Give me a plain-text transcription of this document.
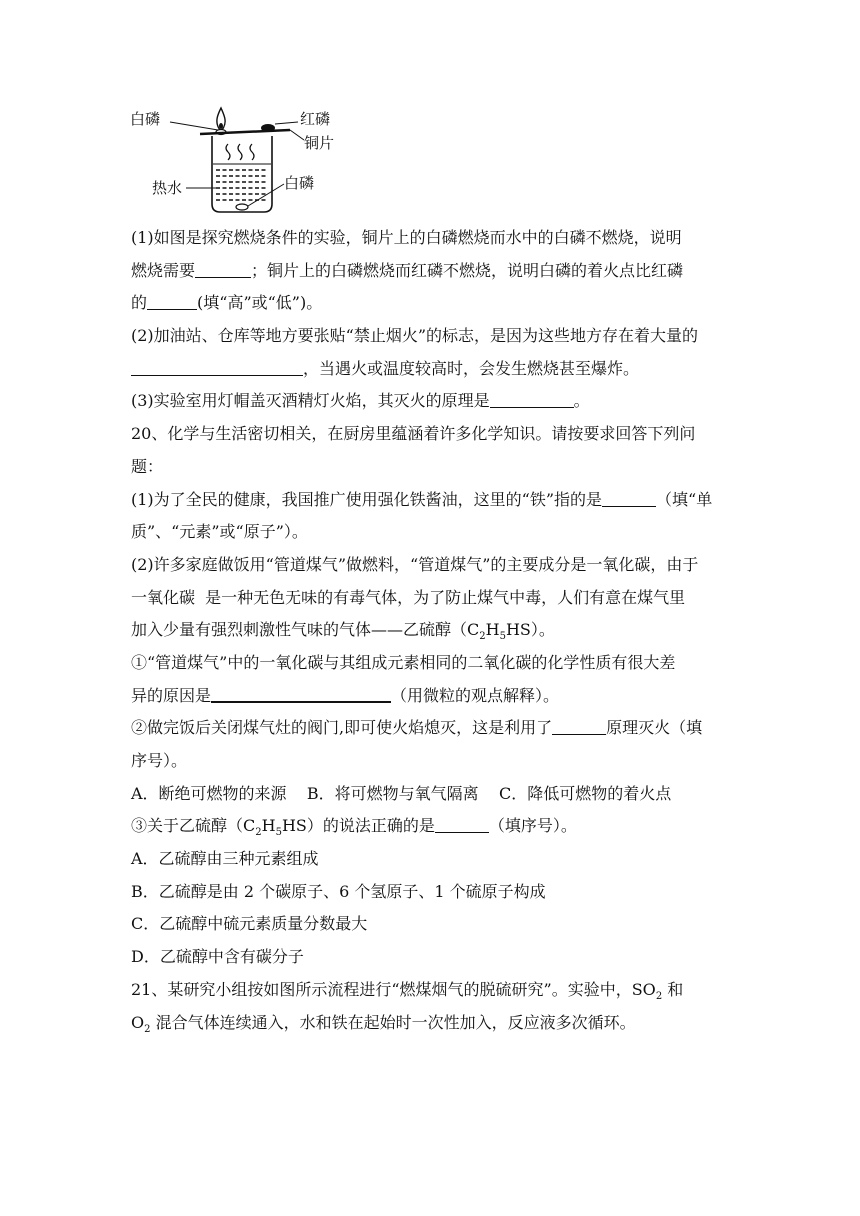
白磷	红磷
铜片
热水	白磷
(1)如图是探究燃烧条件的实验，铜片上的白磷燃烧而水中的白磷不燃烧，说明
燃烧需要	；铜片上的白磷燃烧而红磷不燃烧，说明白磷的着火点比红磷
的	(填“高”或“低”)。
(2)加油站、仓库等地方要张贴“禁止烟火”的标志，是因为这些地方存在着大量的
，当遇火或温度较高时，会发生燃烧甚至爆炸。
(3)实验室用灯帽盖灭酒精灯火焰，其灭火的原理是	。
20、化学与生活密切相关，在厨房里蕴涵着许多化学知识。请按要求回答下列问
题：
(1)为了全民的健康，我国推广使用强化铁酱油，这里的“铁”指的是	（填“单
质”、“元素”或“原子”）。
(2)许多家庭做饭用“管道煤气”做燃料，“管道煤气”的主要成分是一氧化碳，由于
一氧化碳  是一种无色无味的有毒气体，为了防止煤气中毒，人们有意在煤气里
加入少量有强烈刺激性气味的气体——乙硫醇$(C_2H_5HS)$。
①“管道煤气”中的一氧化碳与其组成元素相同的二氧化碳的化学性质有很大差
异的原因是	（用微粒的观点解释）。
②做完饭后关闭煤气灶的阀门,即可使火焰熄灭，这是利用了	原理灭火（填
序号）。
A．断绝可燃物的来源    B．将可燃物与氧气隔离    C．降低可燃物的着火点
③关于乙硫醇$(C_2H_5HS)$的说法正确的是	（填序号）。
A．乙硫醇由三种元素组成
B．乙硫醇是由 2 个碳原子、6 个氢原子、1 个硫原子构成
C．乙硫醇中硫元素质量分数最大
D．乙硫醇中含有碳分子
21、某研究小组按如图所示流程进行“燃煤烟气的脱硫研究”。实验中，$SO_2$ 和
$O_2$ 混合气体连续通入，水和铁在起始时一次性加入，反应液多次循环。
